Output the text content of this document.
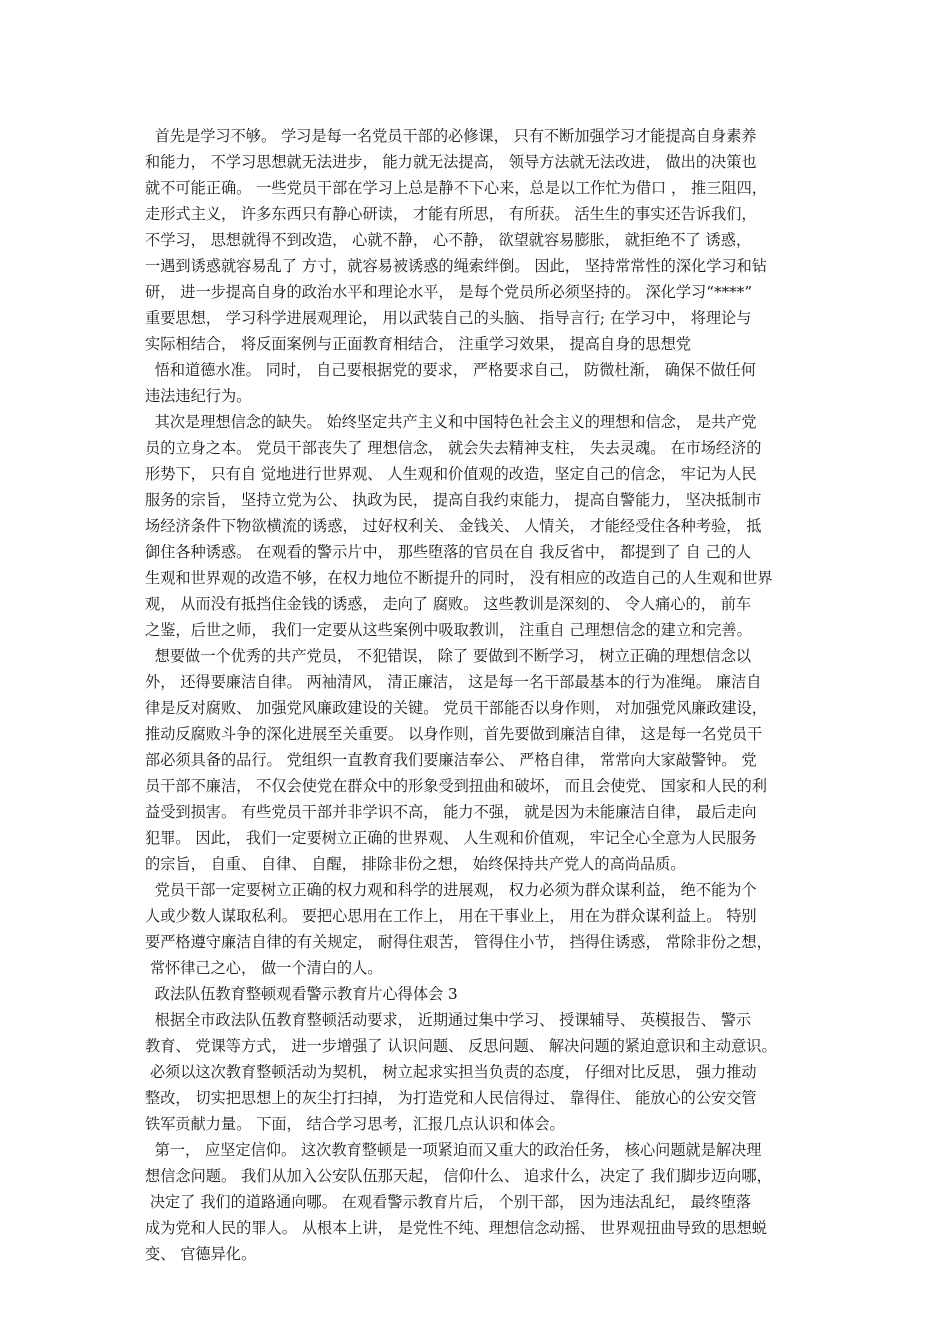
首先是学习不够。 学习是每一名党员干部的必修课， 只有不断加强学习才能提高自身素养
和能力， 不学习思想就无法进步， 能力就无法提高， 领导方法就无法改进， 做出的决策也
就不可能正确。 一些党员干部在学习上总是静不下心来，总是以工作忙为借口 ， 推三阻四，
走形式主义， 许多东西只有静心研读， 才能有所思， 有所获。 活生生的事实还告诉我们，
不学习， 思想就得不到改造， 心就不静， 心不静， 欲望就容易膨胀， 就拒绝不了 诱惑，
一遇到诱惑就容易乱了 方寸，就容易被诱惑的绳索绊倒。 因此， 坚持常常性的深化学习和钻
研， 进一步提高自身的政治水平和理论水平， 是每个党员所必须坚持的。 深化学习“****”
重要思想， 学习科学进展观理论， 用以武装自己的头脑、 指导言行; 在学习中， 将理论与
实际相结合， 将反面案例与正面教育相结合， 注重学习效果， 提高自身的思想党
悟和道德水准。 同时， 自己要根据党的要求， 严格要求自己， 防微杜渐， 确保不做任何
违法违纪行为。
其次是理想信念的缺失。 始终坚定共产主义和中国特色社会主义的理想和信念， 是共产党
员的立身之本。 党员干部丧失了 理想信念， 就会失去精神支柱， 失去灵魂。 在市场经济的
形势下， 只有自 觉地进行世界观、 人生观和价值观的改造，坚定自己的信念， 牢记为人民
服务的宗旨， 坚持立党为公、 执政为民， 提高自我约束能力， 提高自警能力， 坚决抵制市
场经济条件下物欲横流的诱惑， 过好权利关、 金钱关、 人情关， 才能经受住各种考验， 抵
御住各种诱惑。 在观看的警示片中， 那些堕落的官员在自 我反省中， 都提到了 自 己的人
生观和世界观的改造不够，在权力地位不断提升的同时， 没有相应的改造自己的人生观和世界
观， 从而没有抵挡住金钱的诱惑， 走向了 腐败。 这些教训是深刻的、 令人痛心的， 前车
之鉴，后世之师， 我们一定要从这些案例中吸取教训， 注重自 己理想信念的建立和完善。
想要做一个优秀的共产党员， 不犯错误， 除了 要做到不断学习， 树立正确的理想信念以
外， 还得要廉洁自律。 两袖清风， 清正廉洁， 这是每一名干部最基本的行为准绳。 廉洁自
律是反对腐败、 加强党风廉政建设的关键。 党员干部能否以身作则， 对加强党风廉政建设，
推动反腐败斗争的深化进展至关重要。 以身作则，首先要做到廉洁自律， 这是每一名党员干
部必须具备的品行。 党组织一直教育我们要廉洁奉公、 严格自律， 常常向大家敲警钟。 党
员干部不廉洁， 不仅会使党在群众中的形象受到扭曲和破坏， 而且会使党、 国家和人民的利
益受到损害。 有些党员干部并非学识不高， 能力不强， 就是因为未能廉洁自律， 最后走向
犯罪。 因此， 我们一定要树立正确的世界观、 人生观和价值观， 牢记全心全意为人民服务
的宗旨， 自重、 自律、 自醒， 排除非份之想， 始终保持共产党人的高尚品质。
党员干部一定要树立正确的权力观和科学的进展观， 权力必须为群众谋利益， 绝不能为个
人或少数人谋取私利。 要把心思用在工作上， 用在干事业上， 用在为群众谋利益上。 特别
要严格遵守廉洁自律的有关规定， 耐得住艰苦， 管得住小节， 挡得住诱惑， 常除非份之想，
常怀律己之心， 做一个清白的人。
政法队伍教育整顿观看警示教育片心得体会 3
根据全市政法队伍教育整顿活动要求， 近期通过集中学习、 授课辅导、 英模报告、 警示
教育、 党课等方式， 进一步增强了 认识问题、 反思问题、 解决问题的紧迫意识和主动意识。
必须以这次教育整顿活动为契机， 树立起求实担当负责的态度， 仔细对比反思， 强力推动
整改， 切实把思想上的灰尘打扫掉， 为打造党和人民信得过、 靠得住、 能放心的公安交管
铁军贡献力量。 下面， 结合学习思考，汇报几点认识和体会。
第一， 应坚定信仰。 这次教育整顿是一项紧迫而又重大的政治任务， 核心问题就是解决理
想信念问题。 我们从加入公安队伍那天起， 信仰什么、 追求什么，决定了 我们脚步迈向哪，
决定了 我们的道路通向哪。 在观看警示教育片后， 个别干部， 因为违法乱纪， 最终堕落
成为党和人民的罪人。 从根本上讲， 是党性不纯、理想信念动摇、 世界观扭曲导致的思想蜕
变、 官德异化。
